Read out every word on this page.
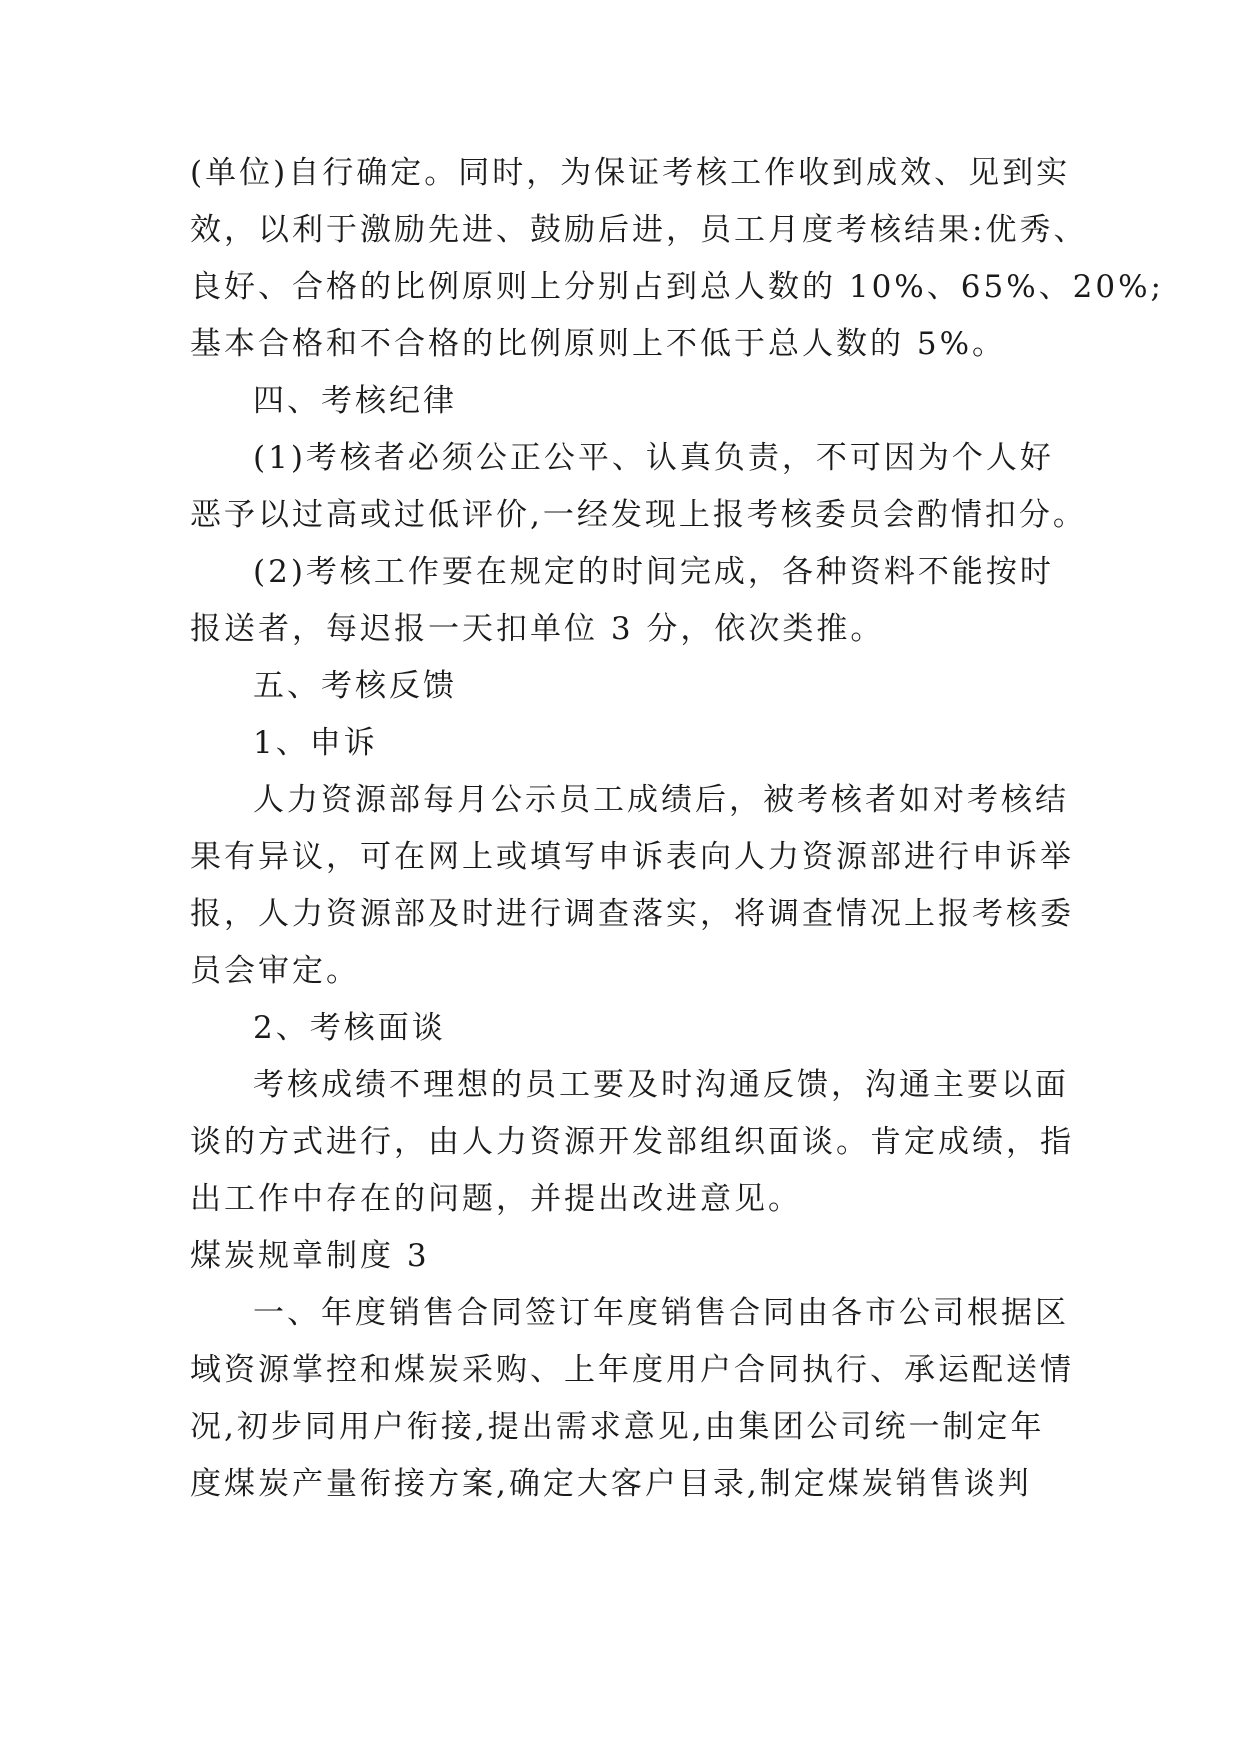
(单位)自行确定。同时，为保证考核工作收到成效、见到实
效，以利于激励先进、鼓励后进，员工月度考核结果:优秀、
良好、合格的比例原则上分别占到总人数的 10%、65%、20%;
基本合格和不合格的比例原则上不低于总人数的 5%。
四、考核纪律
(1)考核者必须公正公平、认真负责，不可因为个人好
恶予以过高或过低评价,一经发现上报考核委员会酌情扣分。
(2)考核工作要在规定的时间完成，各种资料不能按时
报送者，每迟报一天扣单位 3 分，依次类推。
五、考核反馈
1、申诉
人力资源部每月公示员工成绩后，被考核者如对考核结
果有异议，可在网上或填写申诉表向人力资源部进行申诉举
报，人力资源部及时进行调查落实，将调查情况上报考核委
员会审定。
2、考核面谈
考核成绩不理想的员工要及时沟通反馈，沟通主要以面
谈的方式进行，由人力资源开发部组织面谈。肯定成绩，指
出工作中存在的问题，并提出改进意见。
煤炭规章制度 3
一、年度销售合同签订年度销售合同由各市公司根据区
域资源掌控和煤炭采购、上年度用户合同执行、承运配送情
况,初步同用户衔接,提出需求意见,由集团公司统一制定年
度煤炭产量衔接方案,确定大客户目录,制定煤炭销售谈判
